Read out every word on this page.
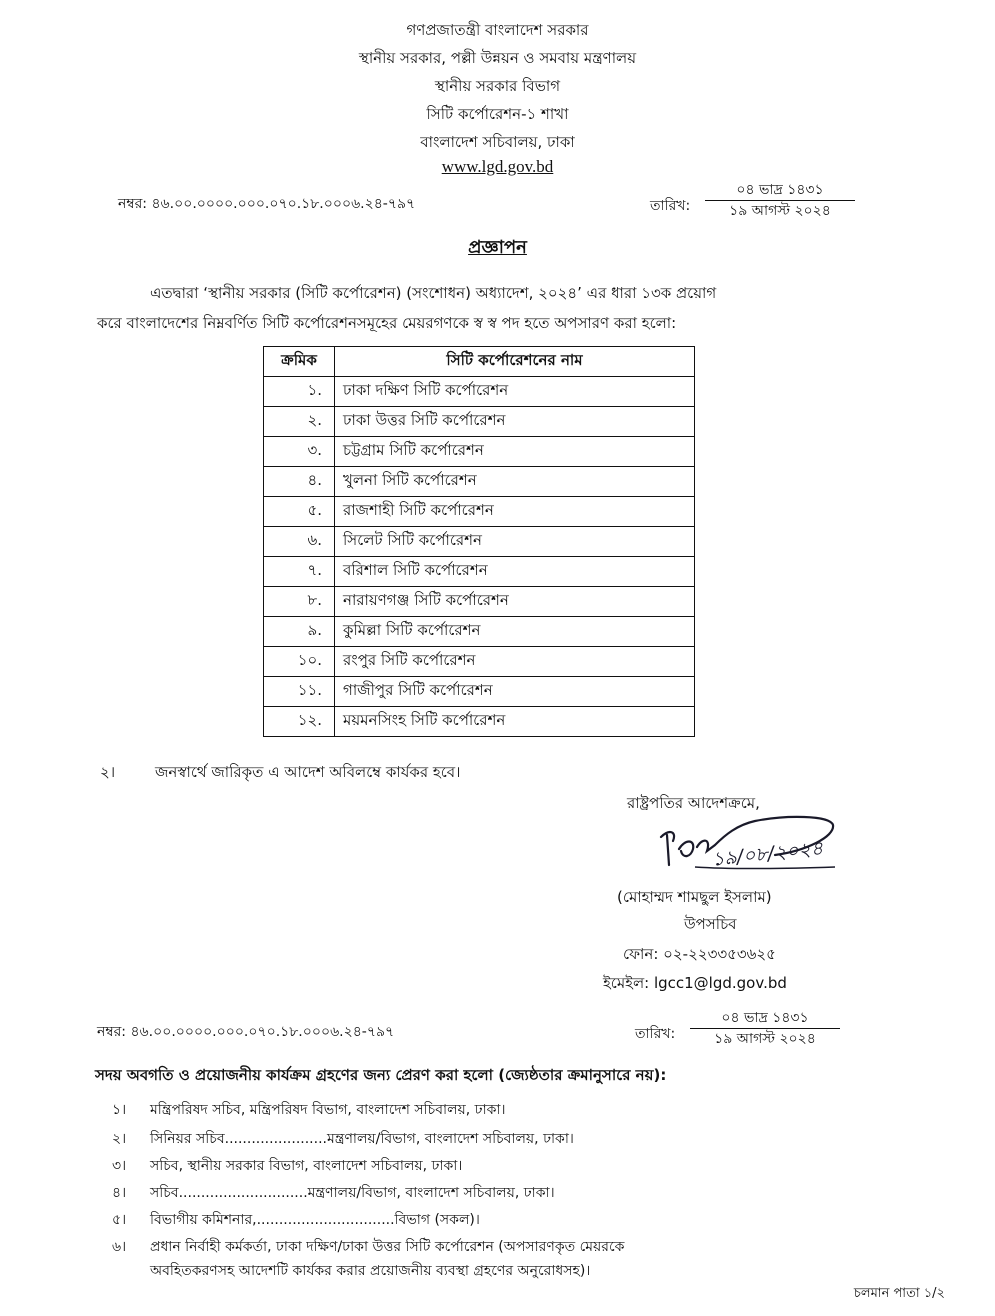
গণপ্রজাতন্ত্রী বাংলাদেশ সরকার
স্থানীয় সরকার, পল্লী উন্নয়ন ও সমবায় মন্ত্রণালয়
স্থানীয় সরকার বিভাগ
সিটি কর্পোরেশন-১ শাখা
বাংলাদেশ সচিবালয়, ঢাকা
www.lgd.gov.bd
নম্বর: ৪৬.০০.০০০০.০০০.০৭০.১৮.০০০৬.২৪-৭৯৭	তারিখ:
০৪ ভাদ্র ১৪৩১
১৯ আগস্ট ২০২৪
প্রজ্ঞাপন
এতদ্বারা ‘স্থানীয় সরকার (সিটি কর্পোরেশন) (সংশোধন) অধ্যাদেশ, ২০২৪’ এর ধারা ১৩ক প্রয়োগ
করে বাংলাদেশের নিম্নবর্ণিত সিটি কর্পোরেশনসমূহের মেয়রগণকে স্ব স্ব পদ হতে অপসারণ করা হলো:
ক্রমিক	সিটি কর্পোরেশনের নাম
১.	ঢাকা দক্ষিণ সিটি কর্পোরেশন
২.	ঢাকা উত্তর সিটি কর্পোরেশন
৩.	চট্টগ্রাম সিটি কর্পোরেশন
৪.	খুলনা সিটি কর্পোরেশন
৫.	রাজশাহী সিটি কর্পোরেশন
৬.	সিলেট সিটি কর্পোরেশন
৭.	বরিশাল সিটি কর্পোরেশন
৮.	নারায়ণগঞ্জ সিটি কর্পোরেশন
৯.	কুমিল্লা সিটি কর্পোরেশন
১০.	রংপুর সিটি কর্পোরেশন
১১.	গাজীপুর সিটি কর্পোরেশন
১২.	ময়মনসিংহ সিটি কর্পোরেশন
২।	জনস্বার্থে জারিকৃত এ আদেশ অবিলম্বে কার্যকর হবে।
রাষ্ট্রপতির আদেশক্রমে,
১৯/০৮/২০২৪
(মোহাম্মদ শামছুল ইসলাম)
উপসচিব
ফোন: ০২-২২৩৩৫৩৬২৫
ইমেইল: lgcc1@lgd.gov.bd
নম্বর: ৪৬.০০.০০০০.০০০.০৭০.১৮.০০০৬.২৪-৭৯৭	তারিখ:
০৪ ভাদ্র ১৪৩১
১৯ আগস্ট ২০২৪
সদয় অবগতি ও প্রয়োজনীয় কার্যক্রম গ্রহণের জন্য প্রেরণ করা হলো (জ্যেষ্ঠতার ক্রমানুসারে নয়):
১।	মন্ত্রিপরিষদ সচিব, মন্ত্রিপরিষদ বিভাগ, বাংলাদেশ সচিবালয়, ঢাকা।
২।	সিনিয়র সচিব.......................মন্ত্রণালয়/বিভাগ, বাংলাদেশ সচিবালয়, ঢাকা।
৩।	সচিব, স্থানীয় সরকার বিভাগ, বাংলাদেশ সচিবালয়, ঢাকা।
৪।	সচিব.............................মন্ত্রণালয়/বিভাগ, বাংলাদেশ সচিবালয়, ঢাকা।
৫।	বিভাগীয় কমিশনার,...............................বিভাগ (সকল)।
৬।	প্রধান নির্বাহী কর্মকর্তা, ঢাকা দক্ষিণ/ঢাকা উত্তর সিটি কর্পোরেশন (অপসারণকৃত মেয়রকে
অবহিতকরণসহ আদেশটি কার্যকর করার প্রয়োজনীয় ব্যবস্থা গ্রহণের অনুরোধসহ)।
চলমান পাতা ১/২
